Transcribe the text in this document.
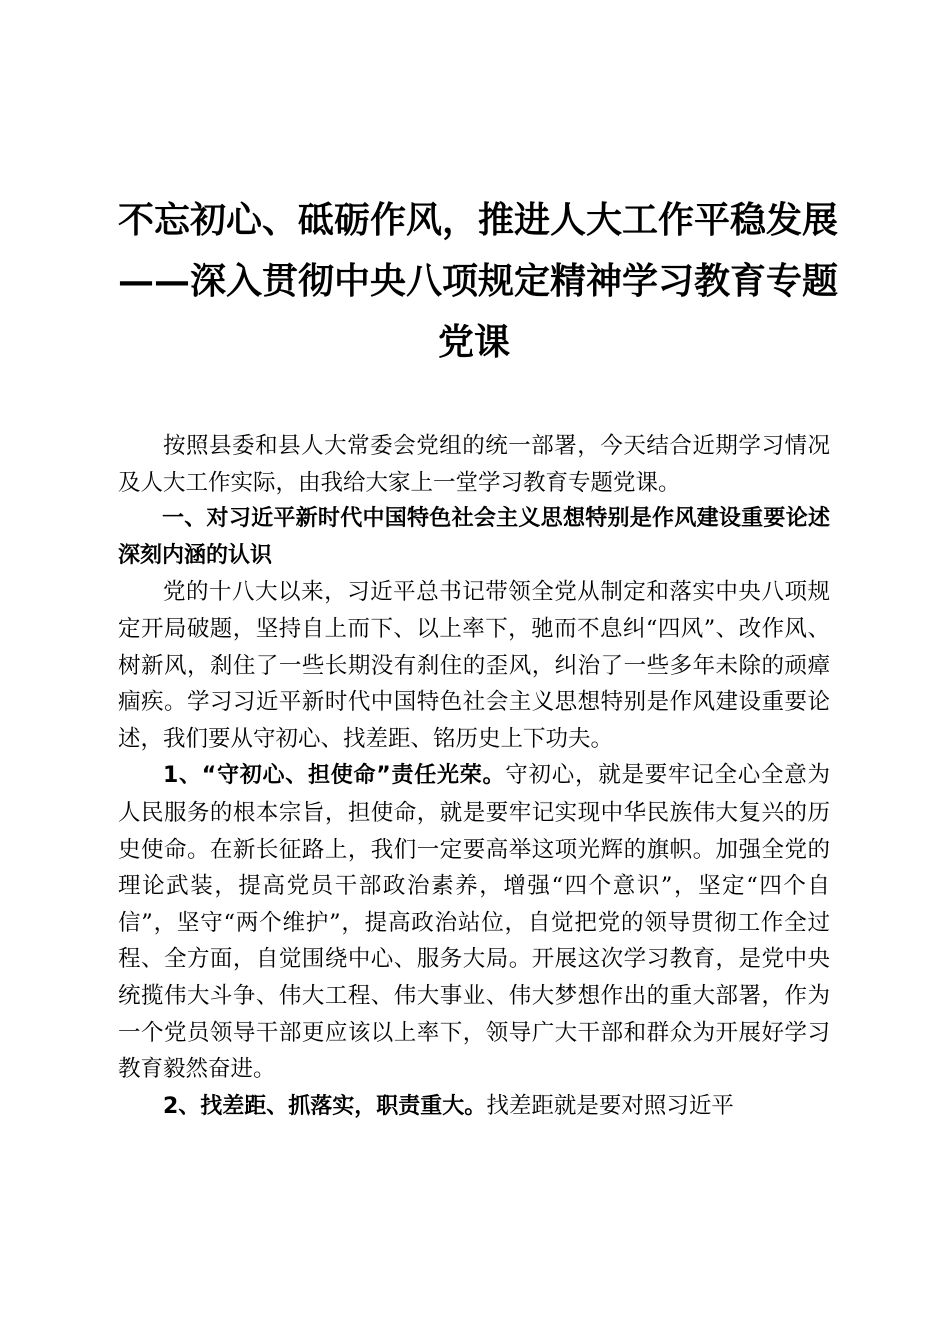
不忘初心、砥砺作风，推进人大工作平稳发展
——深入贯彻中央八项规定精神学习教育专题
党课

按照县委和县人大常委会党组的统一部署，今天结合近期学习情况及人大工作实际，由我给大家上一堂学习教育专题党课。

一、对习近平新时代中国特色社会主义思想特别是作风建设重要论述深刻内涵的认识

党的十八大以来，习近平总书记带领全党从制定和落实中央八项规定开局破题，坚持自上而下、以上率下，驰而不息纠“四风”、改作风、树新风，刹住了一些长期没有刹住的歪风，纠治了一些多年未除的顽瘴痼疾。学习习近平新时代中国特色社会主义思想特别是作风建设重要论述，我们要从守初心、找差距、铭历史上下功夫。

1、“守初心、担使命”责任光荣。守初心，就是要牢记全心全意为人民服务的根本宗旨，担使命，就是要牢记实现中华民族伟大复兴的历史使命。在新长征路上，我们一定要高举这项光辉的旗帜。加强全党的理论武装，提高党员干部政治素养，增强“四个意识”，坚定“四个自信”，坚守“两个维护”，提高政治站位，自觉把党的领导贯彻工作全过程、全方面，自觉围绕中心、服务大局。开展这次学习教育，是党中央统揽伟大斗争、伟大工程、伟大事业、伟大梦想作出的重大部署，作为一个党员领导干部更应该以上率下，领导广大干部和群众为开展好学习教育毅然奋进。

2、找差距、抓落实，职责重大。找差距就是要对照习近平
